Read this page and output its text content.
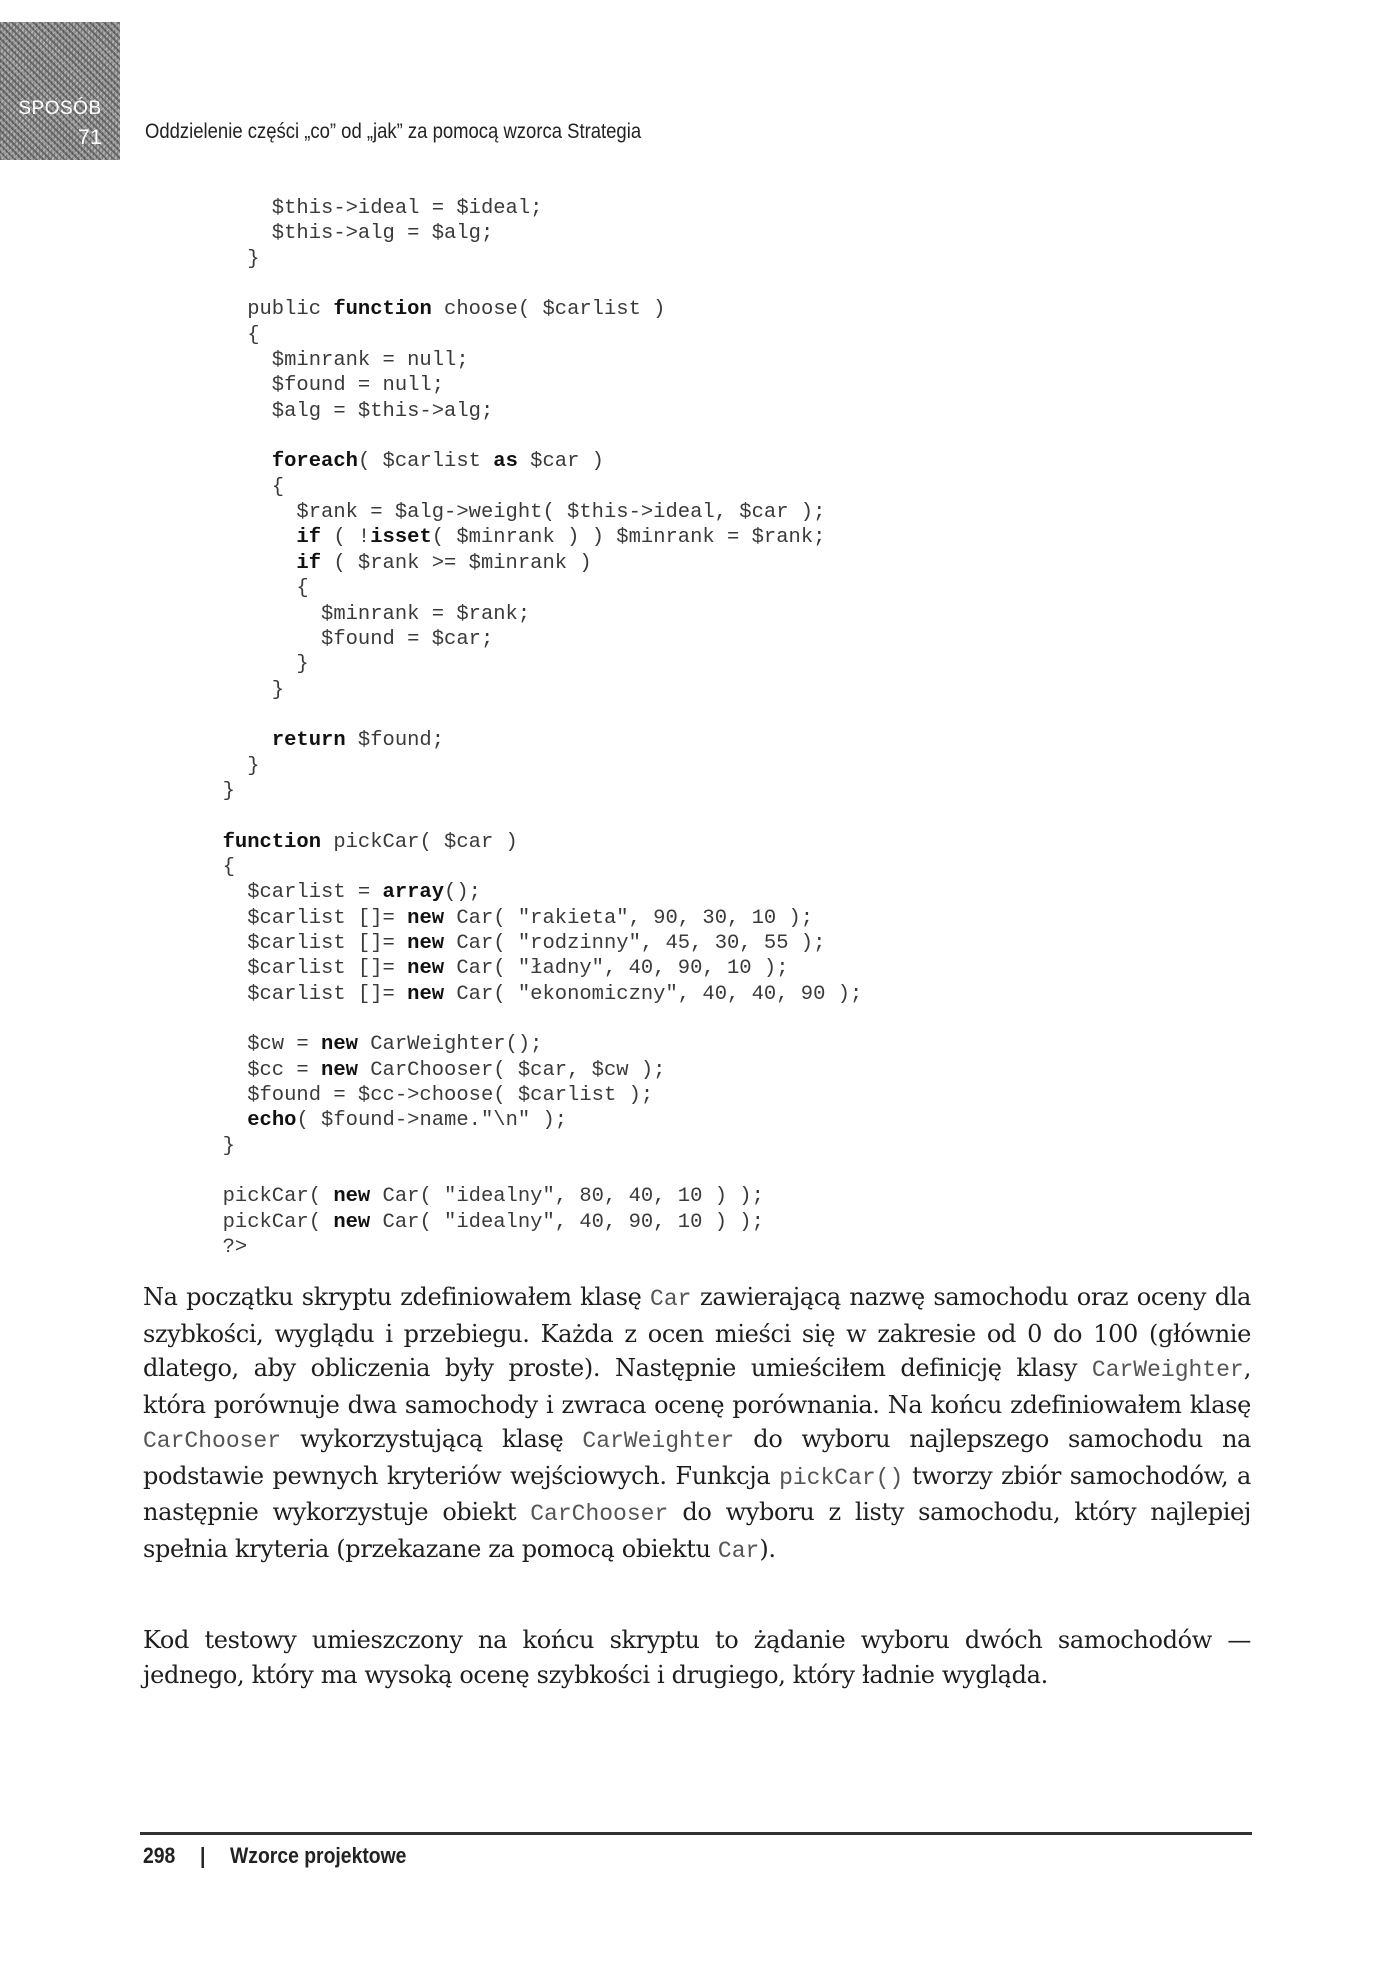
SPOSÓB
71 Oddzielenie części „co” od „jak” za pomocą wzorca Strategia
$this->ideal = $ideal;
$this->alg = $alg;
}
public function choose( $carlist )
{
$minrank = null;
$found = null;
$alg = $this->alg;
foreach( $carlist as $car )
{
$rank = $alg->weight( $this->ideal, $car );
if ( !isset( $minrank ) ) $minrank = $rank;
if ( $rank >= $minrank )
{
$minrank = $rank;
$found = $car;
}
}
return $found;
}
}
function pickCar( $car )
{
$carlist = array();
$carlist []= new Car( "rakieta", 90, 30, 10 );
$carlist []= new Car( "rodzinny", 45, 30, 55 );
$carlist []= new Car( "ładny", 40, 90, 10 );
$carlist []= new Car( "ekonomiczny", 40, 40, 90 );
$cw = new CarWeighter();
$cc = new CarChooser( $car, $cw );
$found = $cc->choose( $carlist );
echo( $found->name."\n" );
}
pickCar( new Car( "idealny", 80, 40, 10 ) );
pickCar( new Car( "idealny", 40, 90, 10 ) );
?>

Na początku skryptu zdefiniowałem klasę Car zawierającą nazwę samochodu oraz oceny dla szybkości, wyglądu i przebiegu. Każda z ocen mieści się w zakresie od 0 do 100 (głównie dlatego, aby obliczenia były proste). Następnie umieściłem definicję klasy CarWeighter, która porównuje dwa samochody i zwraca ocenę porównania. Na końcu zdefiniowałem klasę CarChooser wykorzystującą klasę CarWeighter do wyboru najlepszego samochodu na podstawie pewnych kryteriów wejściowych. Funkcja pickCar() tworzy zbiór samochodów, a następnie wykorzystuje obiekt CarChooser do wyboru z listy samochodu, który najlepiej spełnia kryteria (przekazane za pomocą obiektu Car).

Kod testowy umieszczony na końcu skryptu to żądanie wyboru dwóch samochodów — jednego, który ma wysoką ocenę szybkości i drugiego, który ładnie wygląda.

298 | Wzorce projektowe
